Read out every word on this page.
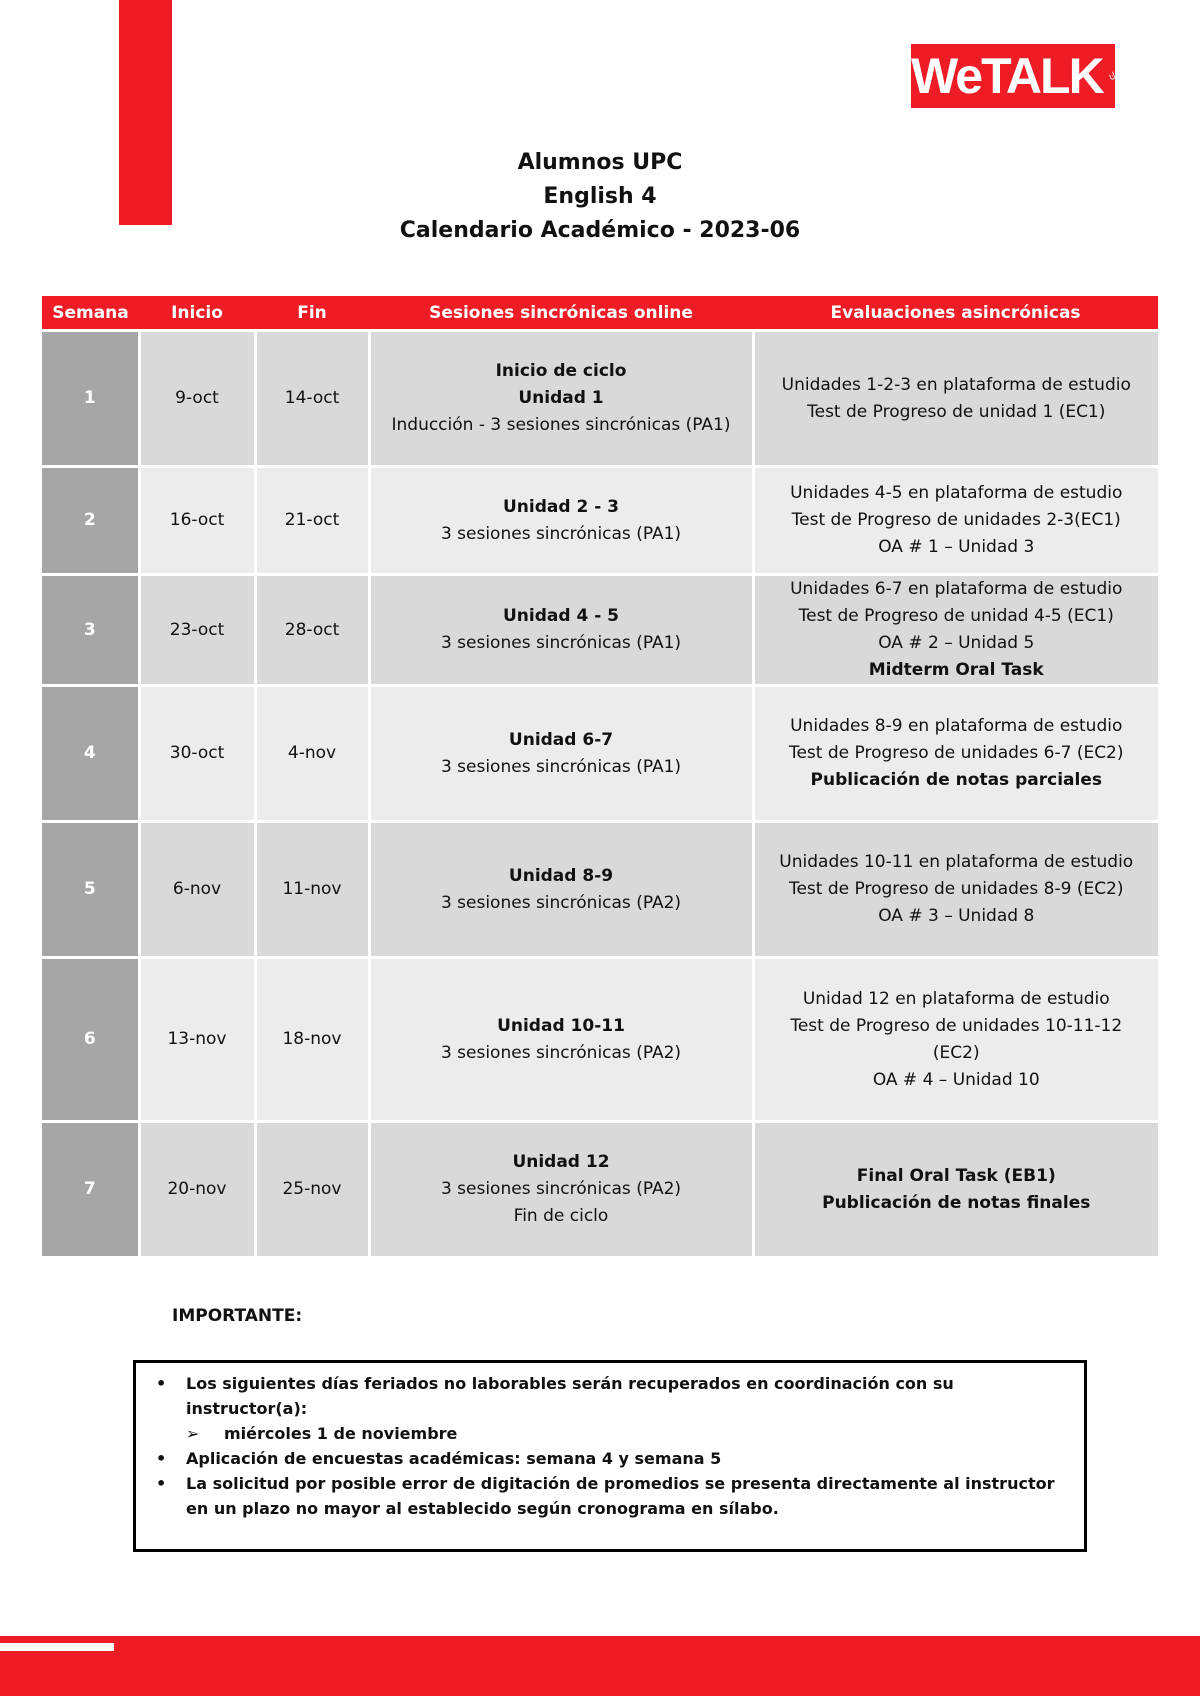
WeTALK
Alumnos UPC
English 4
Calendario Académico - 2023-06
Semana	Inicio	Fin	Sesiones sincrónicas online	Evaluaciones asincrónicas
1	9-oct	14-oct	Inicio de ciclo
Unidad 1
Inducción - 3 sesiones sincrónicas (PA1)	Unidades 1-2-3 en plataforma de estudio
Test de Progreso de unidad 1 (EC1)

2	16-oct	21-oct	Unidad 2 - 3
3 sesiones sincrónicas (PA1)	Unidades 4-5 en plataforma de estudio
Test de Progreso de unidades 2-3(EC1)
OA # 1 – Unidad 3

3	23-oct	28-oct	Unidad 4 - 5
3 sesiones sincrónicas (PA1)	Unidades 6-7 en plataforma de estudio
Test de Progreso de unidad 4-5 (EC1)
OA # 2 – Unidad 5
Midterm Oral Task

4	30-oct	4-nov	Unidad 6-7
3 sesiones sincrónicas (PA1)	Unidades 8-9 en plataforma de estudio
Test de Progreso de unidades 6-7 (EC2)
Publicación de notas parciales

5	6-nov	11-nov	Unidad 8-9
3 sesiones sincrónicas (PA2)	Unidades 10-11 en plataforma de estudio
Test de Progreso de unidades 8-9 (EC2)
OA # 3 – Unidad 8

6	13-nov	18-nov	Unidad 10-11
3 sesiones sincrónicas (PA2)	Unidad 12 en plataforma de estudio
Test de Progreso de unidades 10-11-12
(EC2)
OA # 4 – Unidad 10

7	20-nov	25-nov	Unidad 12
3 sesiones sincrónicas (PA2)
Fin de ciclo	Final Oral Task (EB1)
Publicación de notas finales
IMPORTANTE:
• Los siguientes días feriados no laborables serán recuperados en coordinación con su instructor(a):
➢ miércoles 1 de noviembre
• Aplicación de encuestas académicas: semana 4 y semana 5
• La solicitud por posible error de digitación de promedios se presenta directamente al instructor en un plazo no mayor al establecido según cronograma en sílabo.
